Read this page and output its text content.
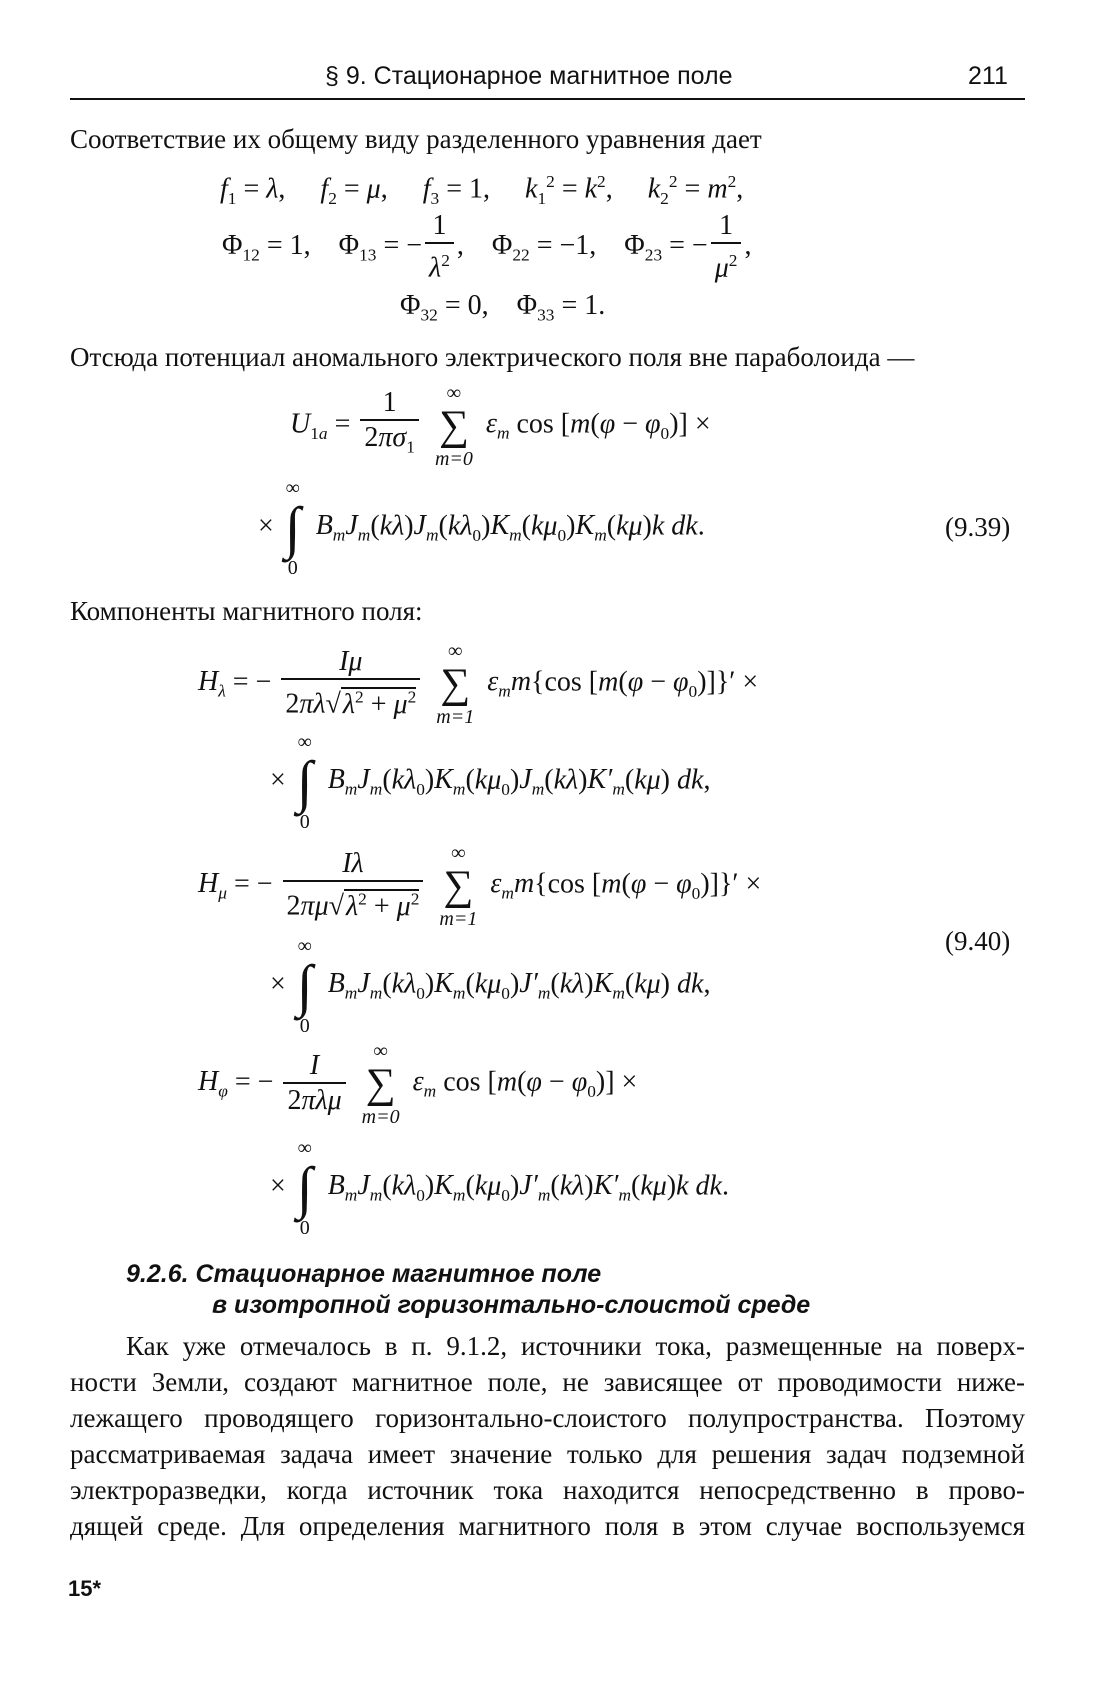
§ 9. Стационарное магнитное поле	211
Соответствие их общему виду разделенного уравнения дает
$f_1 = \lambda$,     $f_2 = \mu$,     $f_3 = 1$,     $k_1^2 = k^2$,     $k_2^2 = m^2$,
$\Phi_{12} = 1$,    $\Phi_{13}$ = − $\frac{1}{\lambda^2}$ ,    $\Phi_{22} = -1$,    $\Phi_{23}$ = − $\frac{1}{\mu^2}$ ,
$\Phi_{32} = 0$,    $\Phi_{33} = 1$.
Отсюда потенциал аномального электрического поля вне параболоида —
$U_{1a} = \frac{1}{2\pi\sigma_1}$
∞
∑
m=0
$\varepsilon_m$ $\cos [m(\varphi - \varphi_0)]$ ×
×
∞
∫
0
$B_mJ_m(k\lambda)J_m(k\lambda_0)K_m(k\mu_0)K_m(k\mu)k$ dk.	(9.39)
Компоненты магнитного поля:
$H_\lambda$ = − $\frac{I\mu}{2\pi\lambda√\lambda^2 + \mu^2}$
∞
∑
m=1
$\varepsilon_mm\{\cos$ $[m(\varphi - \varphi_0)]\}'$ ×
×
∞
∫
0
$B_mJ_m(k\lambda_0)K_m(k\mu_0)J_m(k\lambda)K'_m(k\mu)$ dk,
$H_\mu$ = − $\frac{I\lambda}{2\pi\mu√\lambda^2 + \mu^2}$
∞
∑
m=1
$\varepsilon_mm\{\cos$ $[m(\varphi - \varphi_0)]\}'$ ×
×
∞
∫
0
$B_mJ_m(k\lambda_0)K_m(k\mu_0)J'_m(k\lambda)K_m(k\mu)$ dk,
(9.40)
$H_\varphi$ = − $\frac{I}{\text{2πλμ}}$
∞
∑
m=0
$\varepsilon_m$ $\cos [m(\varphi - \varphi_0)]$ ×
×
∞
∫
0
$B_mJ_m(k\lambda_0)K_m(k\mu_0)J'_m(k\lambda)K'_m(k\mu)k$ dk.
9.2.6. Стационарное магнитное поле
в изотропной горизонтально-слоистой среде
Как уже отмечалось в п. 9.1.2, источники тока, размещенные на поверх-
ности Земли, создают магнитное поле, не зависящее от проводимости ниже-
лежащего проводящего горизонтально-слоистого полупространства. Поэтому
рассматриваемая задача имеет значение только для решения задач подземной
электроразведки, когда источник тока находится непосредственно в прово-
дящей среде. Для определения магнитного поля в этом случае воспользуемся
15*
